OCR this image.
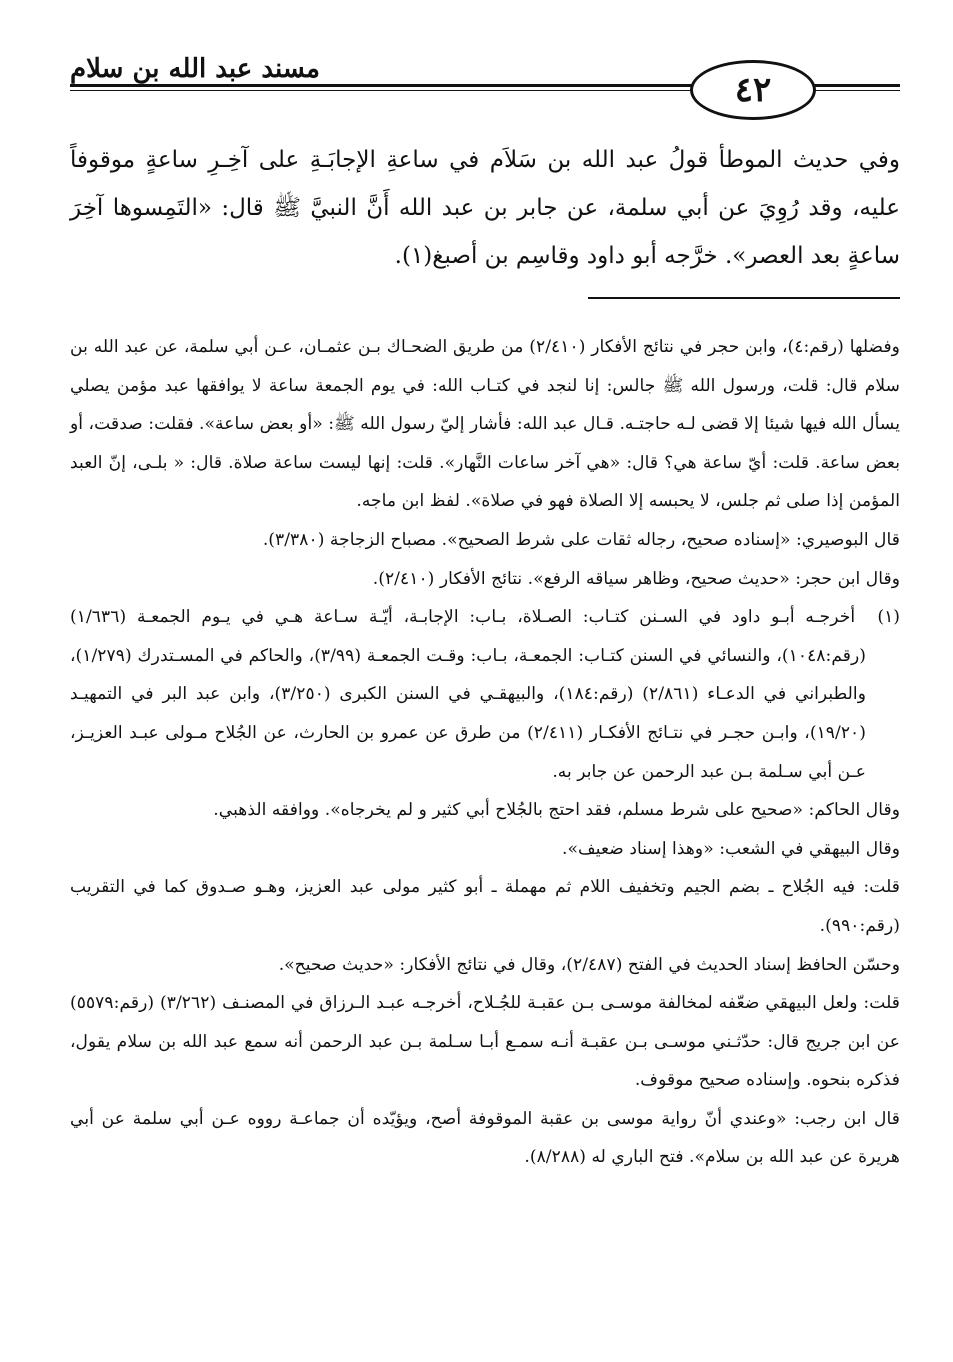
مسند عبد الله بن سلام
٤٢

وفي حديث الموطأ قولُ عبد الله بن سَلاَم في ساعةِ الإجابَـةِ على آخِـرِ ساعةٍ موقوفاً عليه، وقد رُوِيَ عن أبي سلمة، عن جابر بن عبد الله أَنَّ النبيَّ ﷺ قال: «التَمِسوها آخِرَ ساعةٍ بعد العصر». خرَّجه أبو داود وقاسِم بن أصبغ(١).

وفضلها (رقم:٤)، وابن حجر في نتائج الأفكار (٢/٤١٠) من طريق الضحـاك بـن عثمـان، عـن أبي سلمة، عن عبد الله بن سلام قال: قلت، ورسول الله ﷺ جالس: إنا لنجد في كتـاب الله: في يوم الجمعة ساعة لا يوافقها عبد مؤمن يصلي يسأل الله فيها شيئا إلا قضى لـه حاجتـه. قـال عبد الله: فأشار إليّ رسول الله ﷺ: «أو بعض ساعة». فقلت: صدقت، أو بعض ساعة. قلت: أيّ ساعة هي؟ قال: «هي آخر ساعات النَّهار». قلت: إنها ليست ساعة صلاة. قال: « بلـى، إنّ العبد المؤمن إذا صلى ثم جلس، لا يحبسه إلا الصلاة فهو في صلاة». لفظ ابن ماجه.

قال البوصيري: «إسناده صحيح، رجاله ثقات على شرط الصحيح». مصباح الزجاجة (٣/٣٨٠).

وقال ابن حجر: «حديث صحيح، وظاهر سياقه الرفع». نتائج الأفكار (٢/٤١٠).

(١) أخرجـه أبـو داود في السـنن كتـاب: الصـلاة، بـاب: الإجابـة، أيّـة سـاعة هـي في يـوم الجمعـة (١/٦٣٦) (رقم:١٠٤٨)، والنسائي في السنن كتـاب: الجمعـة، بـاب: وقـت الجمعـة (٣/٩٩)، والحاكم في المسـتدرك (١/٢٧٩)، والطبراني في الدعـاء (٢/٨٦١) (رقم:١٨٤)، والبيهقـي في السنن الكبرى (٣/٢٥٠)، وابن عبد البر في التمهيـد (١٩/٢٠)، وابـن حجـر في نتـائج الأفكـار (٢/٤١١) من طرق عن عمرو بن الحارث، عن الجُلاح مـولى عبـد العزيـز، عـن أبي سـلمة بـن عبد الرحمن عن جابر به.

وقال الحاكم: «صحيح على شرط مسلم، فقد احتج بالجُلاح أبي كثير و لم يخرجاه». ووافقه الذهبي.

وقال البيهقي في الشعب: «وهذا إسناد ضعيف».

قلت: فيه الجُلاح ـ بضم الجيم وتخفيف اللام ثم مهملة ـ أبو كثير مولى عبد العزيز، وهـو صـدوق كما في التقريب (رقم:٩٩٠).

وحسّن الحافظ إسناد الحديث في الفتح (٢/٤٨٧)، وقال في نتائج الأفكار: «حديث صحيح».

قلت: ولعل البيهقي ضعّفه لمخالفة موسـى بـن عقبـة للجُـلاح، أخرجـه عبـد الـرزاق في المصنـف (٣/٢٦٢) (رقم:٥٥٧٩) عن ابن جريج قال: حدّثـني موسـى بـن عقبـة أنـه سمـع أبـا سـلمة بـن عبد الرحمن أنه سمع عبد الله بن سلام يقول، فذكره بنحوه. وإسناده صحيح موقوف.

قال ابن رجب: «وعندي أنّ رواية موسى بن عقبة الموقوفة أصح، ويؤيّده أن جماعـة رووه عـن أبي سلمة عن أبي هريرة عن عبد الله بن سلام». فتح الباري له (٨/٢٨٨).
